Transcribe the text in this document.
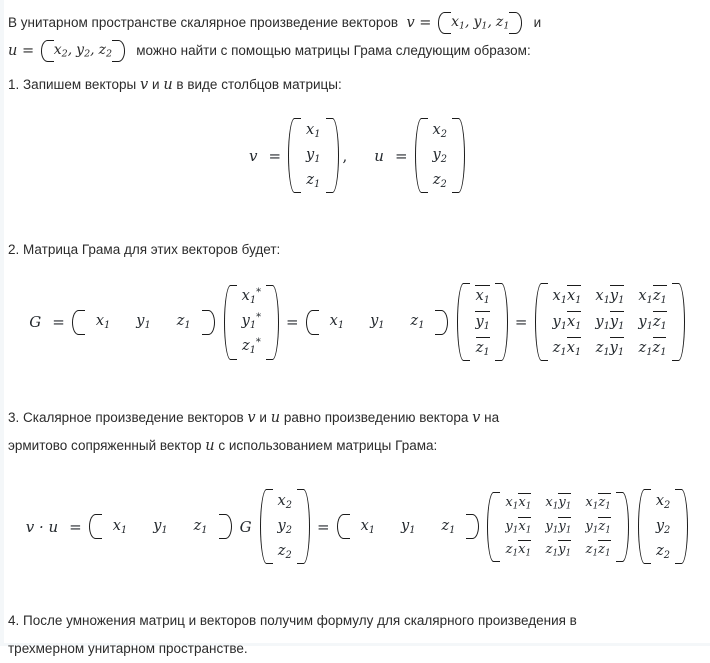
В унитарном пространстве скалярное произведение векторов $v = x_1$, $y_1$, $z_1$ и
$u = x_2$, $y_2$, $z_2$ можно найти с помощью матрицы Грама следующим образом:
1. Запишем векторы v и u в виде столбцов матрицы:
v =
$x_1$
$y_1$
$z_1$
,	u =
$x_2$
$y_2$
$z_2$
2. Матрица Грама для этих векторов будет:
G =	$x_1$	$y_1$	$z_1$
$x_1^*$
$y_1^*$
$z_1^*$
=	$x_1$	$y_1$	$z_1$
$x_1$
$y_1$
$z_1$
=
$x_1x_1$ $x_1y_1$ $x_1z_1$
$y_1x_1$ $y_1y_1$ $y_1z_1$
$z_1x_1$	$z_1y_1$	$z_1z_1$
3. Скалярное произведение векторов v и u равно произведению вектора v на
эрмитово сопряженный вектор u с использованием матрицы Грама:
v · u =	$x_1$	$y_1$	$z_1$	G
$x_2$
$y_2$
$z_2$
=	$x_1$	$y_1$	$z_1$
$x_1x_1$	$x_1y_1$	$x_1z_1$
$y_1x_1$	$y_1y_1$	$y_1z_1$
$z_1x_1$	$z_1y_1$	$z_1z_1$
$x_2$
$y_2$
$z_2$
4. После умножения матриц и векторов получим формулу для скалярного произведения в
трехмерном унитарном пространстве.
